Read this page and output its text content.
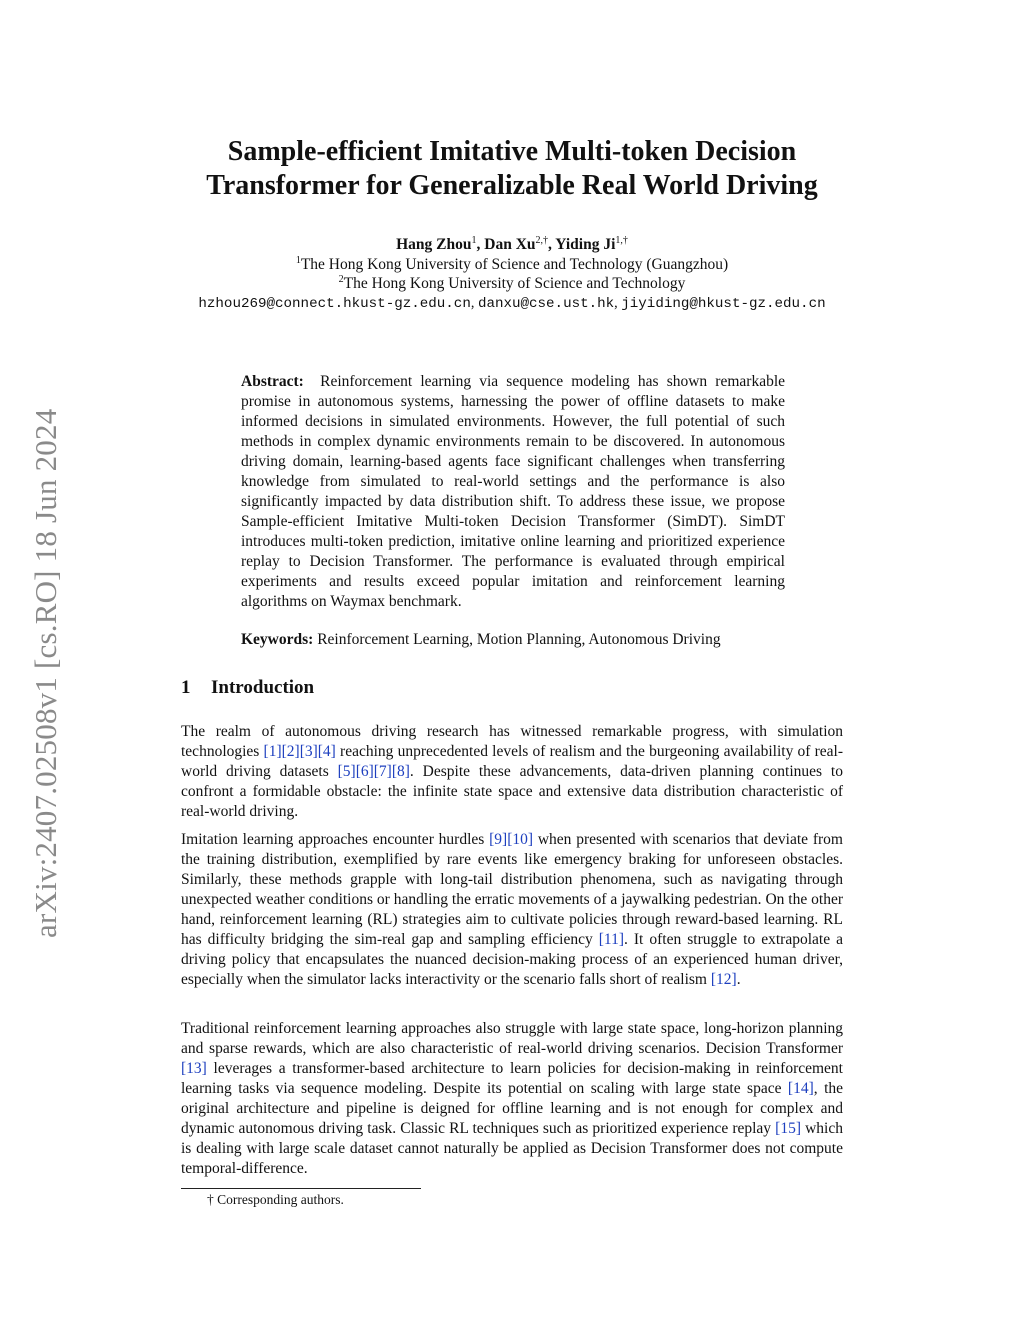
arXiv:2407.02508v1 [cs.RO] 18 Jun 2024
Sample-efficient Imitative Multi-token Decision
Transformer for Generalizable Real World Driving
Hang Zhou$^1$, Dan $Xu^{2,\dagger}$, Yiding $Ji^{1,\dagger}$
$^1$The Hong Kong University of Science and Technology (Guangzhou)
$^2$The Hong Kong University of Science and Technology
hzhou269@connect.hkust-gz.edu.cn, danxu@cse.ust.hk, jiyiding@hkust-gz.edu.cn
Abstract: Reinforcement learning via sequence modeling has shown remarkable promise in autonomous systems, harnessing the power of offline datasets to make informed decisions in simulated environments. However, the full potential of such methods in complex dynamic environments remain to be discovered. In autonomous driving domain, learning-based agents face significant challenges when transferring knowledge from simulated to real-world settings and the performance is also significantly impacted by data distribution shift. To address these issue, we propose Sample-efficient Imitative Multi-token Decision Transformer (SimDT). SimDT introduces multi-token prediction, imitative online learning and prioritized experience replay to Decision Transformer. The performance is evaluated through empirical experiments and results exceed popular imitation and reinforcement learning algorithms on Waymax benchmark.
Keywords: Reinforcement Learning, Motion Planning, Autonomous Driving
1 Introduction
The realm of autonomous driving research has witnessed remarkable progress, with simulation technologies [1][2][3][4] reaching unprecedented levels of realism and the burgeoning availability of real-world driving datasets [5][6][7][8]. Despite these advancements, data-driven planning continues to confront a formidable obstacle: the infinite state space and extensive data distribution characteristic of real-world driving.
Imitation learning approaches encounter hurdles [9][10] when presented with scenarios that deviate from the training distribution, exemplified by rare events like emergency braking for unforeseen obstacles. Similarly, these methods grapple with long-tail distribution phenomena, such as navigating through unexpected weather conditions or handling the erratic movements of a jaywalking pedestrian. On the other hand, reinforcement learning (RL) strategies aim to cultivate policies through reward-based learning. RL has difficulty bridging the sim-real gap and sampling efficiency [11]. It often struggle to extrapolate a driving policy that encapsulates the nuanced decision-making process of an experienced human driver, especially when the simulator lacks interactivity or the scenario falls short of realism [12].
Traditional reinforcement learning approaches also struggle with large state space, long-horizon planning and sparse rewards, which are also characteristic of real-world driving scenarios. Decision Transformer [13] leverages a transformer-based architecture to learn policies for decision-making in reinforcement learning tasks via sequence modeling. Despite its potential on scaling with large state space [14], the original architecture and pipeline is deigned for offline learning and is not enough for complex and dynamic autonomous driving task. Classic RL techniques such as prioritized experience replay [15] which is dealing with large scale dataset cannot naturally be applied as Decision Transformer does not compute temporal-difference.
† Corresponding authors.
